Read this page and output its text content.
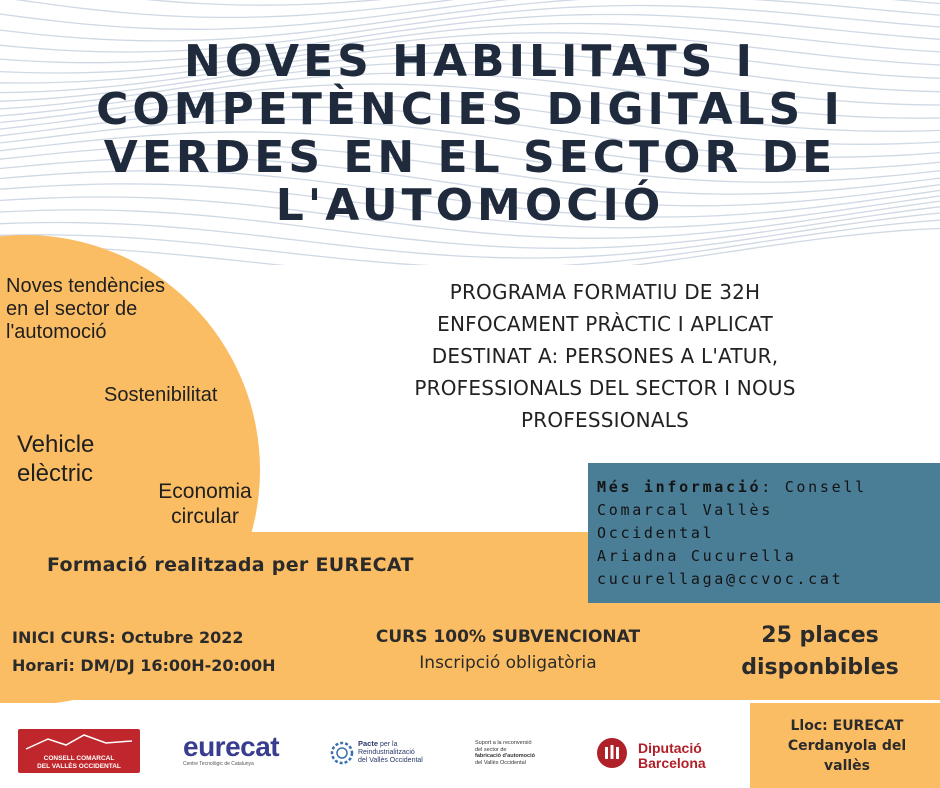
NOVES HABILITATS I
COMPETÈNCIES DIGITALS I
VERDES EN EL SECTOR DE
L'AUTOMOCIÓ
Noves tendències
en el sector de
l'automoció
Sostenibilitat
Vehicle
elèctric
Economia
circular
PROGRAMA FORMATIU DE 32H
ENFOCAMENT PRÀCTIC I APLICAT
DESTINAT A: PERSONES A L'ATUR,
PROFESSIONALS DEL SECTOR I NOUS
PROFESSIONALS
Més informació: Consell
Comarcal Vallès
Occidental
Ariadna Cucurella
cucurellaga@ccvoc.cat
Formació realitzada per EURECAT
INICI CURS: Octubre 2022
Horari: DM/DJ 16:00H-20:00H
CURS 100% SUBVENCIONAT
Inscripció obligatòria
25 places
disponbibles
Lloc: EURECAT
Cerdanyola del
vallès
CONSELL COMARCAL
DEL VALLÈS OCCIDENTAL
eurecat
Centre Tecnològic de Catalunya
Pacte per la
Reindustrialització
del Vallès Occidental
Suport a la reconversió
del sector de
fabricació d'automoció
del Vallès Occidental
Diputació
Barcelona
